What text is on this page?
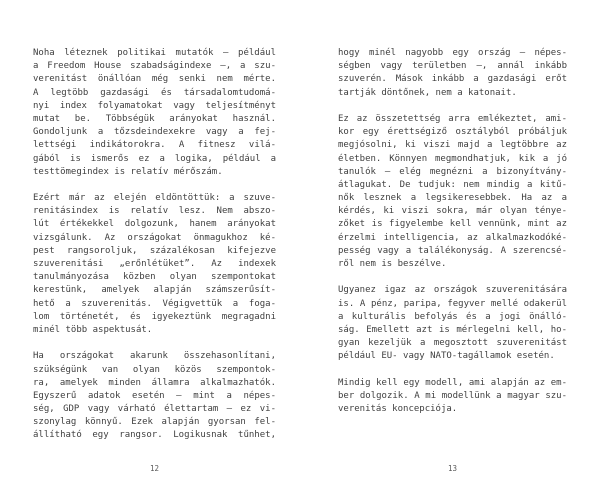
Noha léteznek politikai mutatók — például
a Freedom House szabadságindexe —, a szu-
verenitást önállóan még senki nem mérte.
A legtöbb gazdasági és társadalomtudomá-
nyi index folyamatokat vagy teljesítményt
mutat be. Többségük arányokat használ.
Gondoljunk a tőzsdeindexekre vagy a fej-
lettségi indikátorokra. A fitnesz vilá-
gából is ismerős ez a logika, például a
testtömegindex is relatív mérőszám.
Ezért már az elején eldöntöttük: a szuve-
renitásindex is relatív lesz. Nem abszo-
lút értékekkel dolgozunk, hanem arányokat
vizsgálunk. Az országokat önmagukhoz ké-
pest rangsoroljuk, százalékosan kifejezve
szuverenitási „erőnlétüket”. Az indexek
tanulmányozása közben olyan szempontokat
kerestünk, amelyek alapján számszerűsít-
hető a szuverenitás. Végigvettük a foga-
lom történetét, és igyekeztünk megragadni
minél több aspektusát.
Ha országokat akarunk összehasonlítani,
szükségünk van olyan közös szempontok-
ra, amelyek minden államra alkalmazhatók.
Egyszerű adatok esetén — mint a népes-
ség, GDP vagy várható élettartam — ez vi-
szonylag könnyű. Ezek alapján gyorsan fel-
állítható egy rangsor. Logikusnak tűnhet,
hogy minél nagyobb egy ország — népes-
ségben vagy területben —, annál inkább
szuverén. Mások inkább a gazdasági erőt
tartják döntőnek, nem a katonait.
Ez az összetettség arra emlékeztet, ami-
kor egy érettségiző osztályból próbáljuk
megjósolni, ki viszi majd a legtöbbre az
életben. Könnyen megmondhatjuk, kik a jó
tanulók — elég megnézni a bizonyítvány-
átlagukat. De tudjuk: nem mindig a kitű-
nők lesznek a legsikeresebbek. Ha az a
kérdés, ki viszi sokra, már olyan ténye-
zőket is figyelembe kell vennünk, mint az
érzelmi intelligencia, az alkalmazkodóké-
pesség vagy a találékonyság. A szerencsé-
ről nem is beszélve.
Ugyanez igaz az országok szuverenitására
is. A pénz, paripa, fegyver mellé odakerül
a kulturális befolyás és a jogi önálló-
ság. Emellett azt is mérlegelni kell, ho-
gyan kezeljük a megosztott szuverenitást
például EU- vagy NATO-tagállamok esetén.
Mindig kell egy modell, ami alapján az em-
ber dolgozik. A mi modellünk a magyar szu-
verenitás koncepciója.
12	13
